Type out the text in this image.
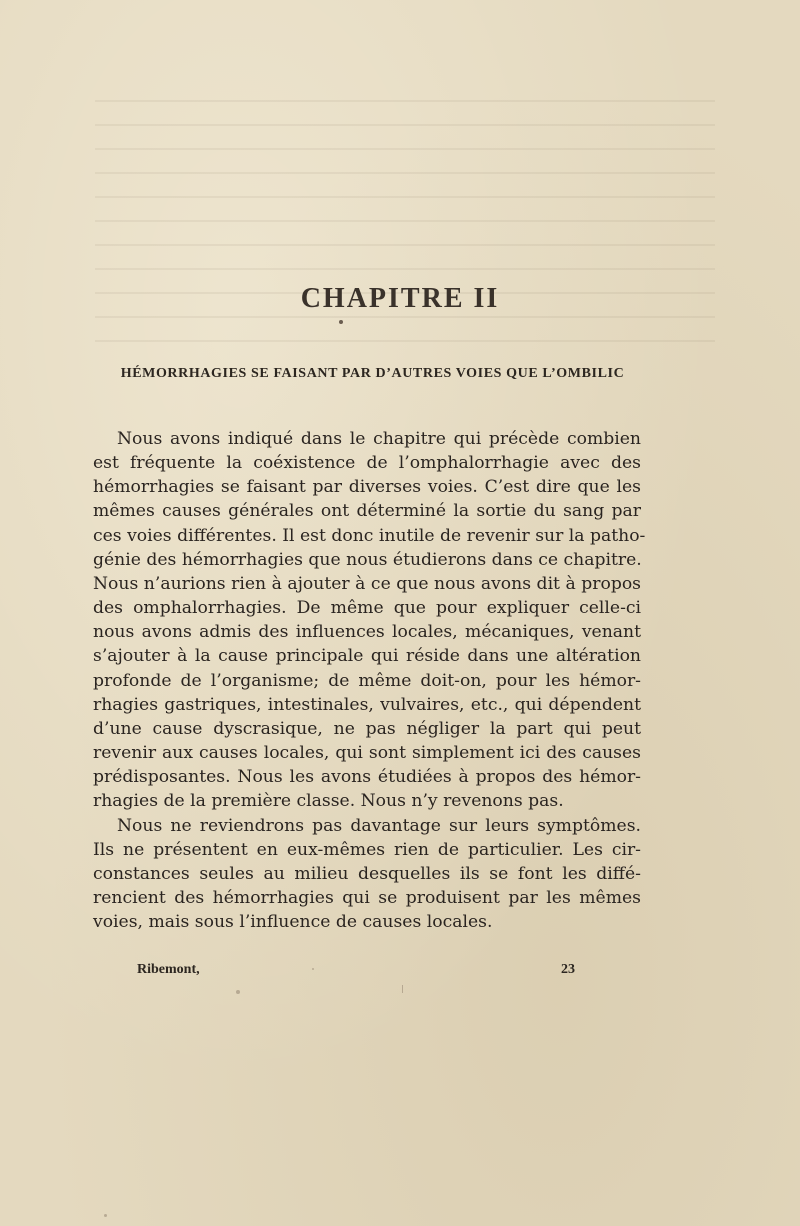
CHAPITRE II
HÉMORRHAGIES SE FAISANT PAR D’AUTRES VOIES QUE L’OMBILIC
Nous avons indiqué dans le chapitre qui précède combien
est fréquente la coéxistence de l’omphalorrhagie avec des
hémorrhagies se faisant par diverses voies. C’est dire que les
mêmes causes générales ont déterminé la sortie du sang par
ces voies différentes. Il est donc inutile de revenir sur la patho-
génie des hémorrhagies que nous étudierons dans ce chapitre.
Nous n’aurions rien à ajouter à ce que nous avons dit à propos
des omphalorrhagies. De même que pour expliquer celle-ci
nous avons admis des influences locales, mécaniques, venant
s’ajouter à la cause principale qui réside dans une altération
profonde de l’organisme; de même doit-on, pour les hémor-
rhagies gastriques, intestinales, vulvaires, etc., qui dépendent
d’une cause dyscrasique, ne pas négliger la part qui peut
revenir aux causes locales, qui sont simplement ici des causes
prédisposantes. Nous les avons étudiées à propos des hémor-
rhagies de la première classe. Nous n’y revenons pas.
Nous ne reviendrons pas davantage sur leurs symptômes.
Ils ne présentent en eux-mêmes rien de particulier. Les cir-
constances seules au milieu desquelles ils se font les diffé-
rencient des hémorrhagies qui se produisent par les mêmes
voies, mais sous l’influence de causes locales.
Ribemont,	23
